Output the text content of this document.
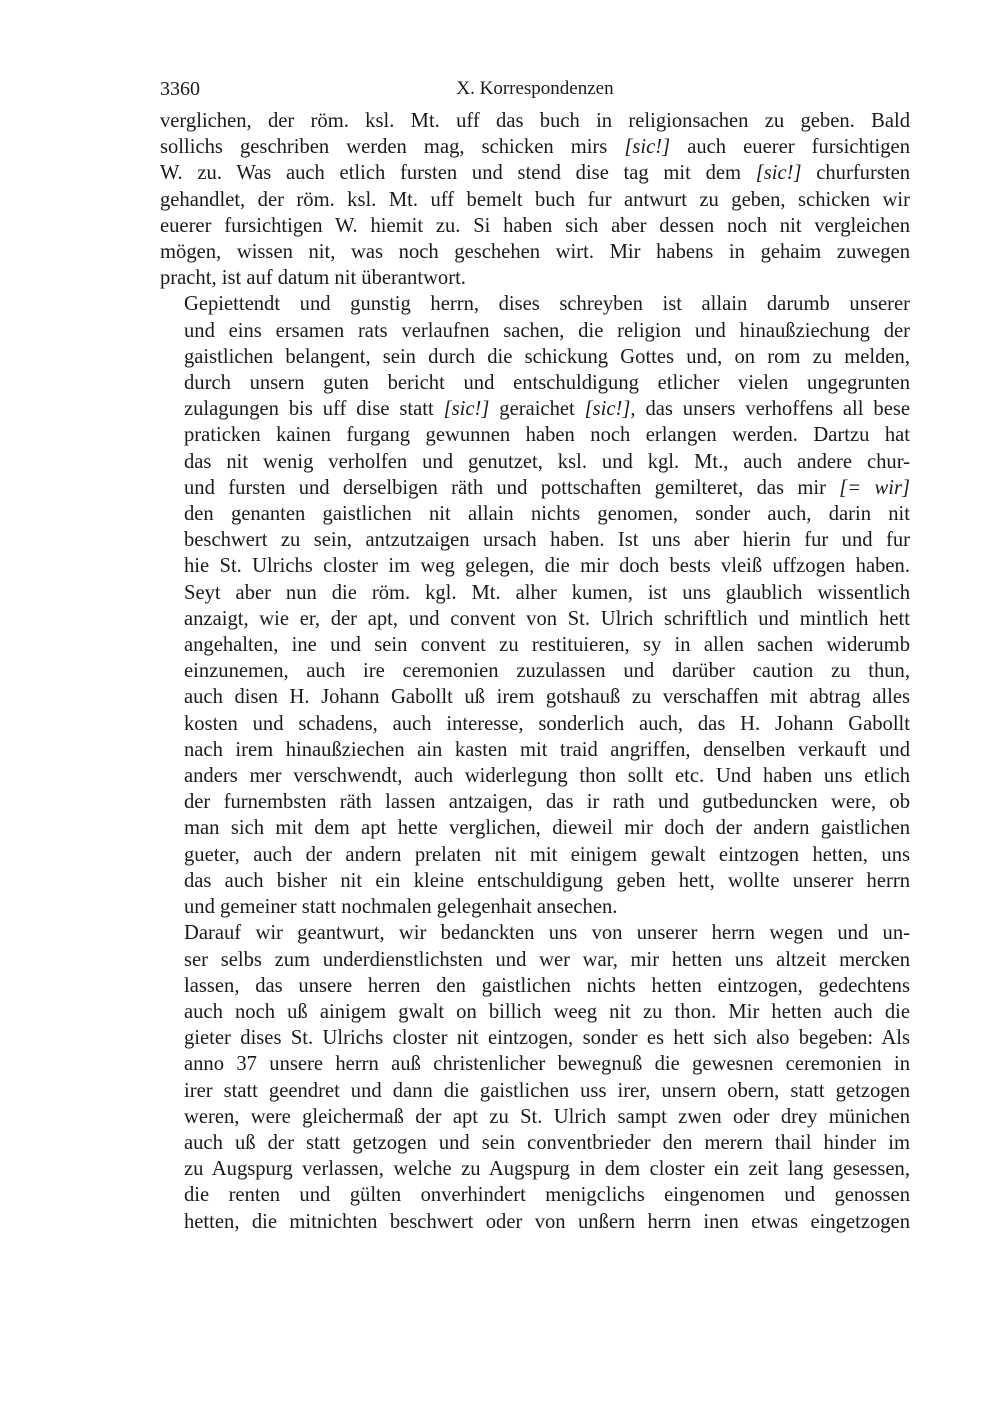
3360	X. Korrespondenzen

verglichen, der röm. ksl. Mt. uff das buch in religionsachen zu geben. Bald
sollichs geschriben werden mag, schicken mirs [sic!] auch euerer fursichtigen
W. zu. Was auch etlich fursten und stend dise tag mit dem [sic!] churfursten
gehandlet, der röm. ksl. Mt. uff bemelt buch fur antwurt zu geben, schicken wir
euerer fursichtigen W. hiemit zu. Si haben sich aber dessen noch nit vergleichen
mögen, wissen nit, was noch geschehen wirt. Mir habens in gehaim zuwegen
pracht, ist auf datum nit überantwort.

Gepiettendt und gunstig herrn, dises schreyben ist allain darumb unserer
und eins ersamen rats verlaufnen sachen, die religion und hinaußziechung der
gaistlichen belangent, sein durch die schickung Gottes und, on rom zu melden,
durch unsern guten bericht und entschuldigung etlicher vielen ungegrunten
zulagungen bis uff dise statt [sic!] geraichet [sic!], das unsers verhoffens all bese
praticken kainen furgang gewunnen haben noch erlangen werden. Dartzu hat
das nit wenig verholfen und genutzet, ksl. und kgl. Mt., auch andere chur-
und fursten und derselbigen räth und pottschaften gemilteret, das mir [= wir]
den genanten gaistlichen nit allain nichts genomen, sonder auch, darin nit
beschwert zu sein, antzutzaigen ursach haben. Ist uns aber hierin fur und fur
hie St. Ulrichs closter im weg gelegen, die mir doch bests vleiß uffzogen haben.
Seyt aber nun die röm. kgl. Mt. alher kumen, ist uns glaublich wissentlich
anzaigt, wie er, der apt, und convent von St. Ulrich schriftlich und mintlich hett
angehalten, ine und sein convent zu restituieren, sy in allen sachen widerumb
einzunemen, auch ire ceremonien zuzulassen und darüber caution zu thun,
auch disen H. Johann Gabollt uß irem gotshauß zu verschaffen mit abtrag alles
kosten und schadens, auch interesse, sonderlich auch, das H. Johann Gabollt
nach irem hinaußziechen ain kasten mit traid angriffen, denselben verkauft und
anders mer verschwendt, auch widerlegung thon sollt etc. Und haben uns etlich
der furnembsten räth lassen antzaigen, das ir rath und gutbeduncken were, ob
man sich mit dem apt hette verglichen, dieweil mir doch der andern gaistlichen
gueter, auch der andern prelaten nit mit einigem gewalt eintzogen hetten, uns
das auch bisher nit ein kleine entschuldigung geben hett, wollte unserer herrn
und gemeiner statt nochmalen gelegenhait ansechen.

Darauf wir geantwurt, wir bedanckten uns von unserer herrn wegen und un-
ser selbs zum underdienstlichsten und wer war, mir hetten uns altzeit mercken
lassen, das unsere herren den gaistlichen nichts hetten eintzogen, gedechtens
auch noch uß ainigem gwalt on billich weeg nit zu thon. Mir hetten auch die
gieter dises St. Ulrichs closter nit eintzogen, sonder es hett sich also begeben: Als
anno 37 unsere herrn auß christenlicher bewegnuß die gewesnen ceremonien in
irer statt geendret und dann die gaistlichen uss irer, unsern obern, statt getzogen
weren, were gleichermaß der apt zu St. Ulrich sampt zwen oder drey münichen
auch uß der statt getzogen und sein conventbrieder den merern thail hinder im
zu Augspurg verlassen, welche zu Augspurg in dem closter ein zeit lang gesessen,
die renten und gülten onverhindert menigclichs eingenomen und genossen
hetten, die mitnichten beschwert oder von unßern herrn inen etwas eingetzogen
